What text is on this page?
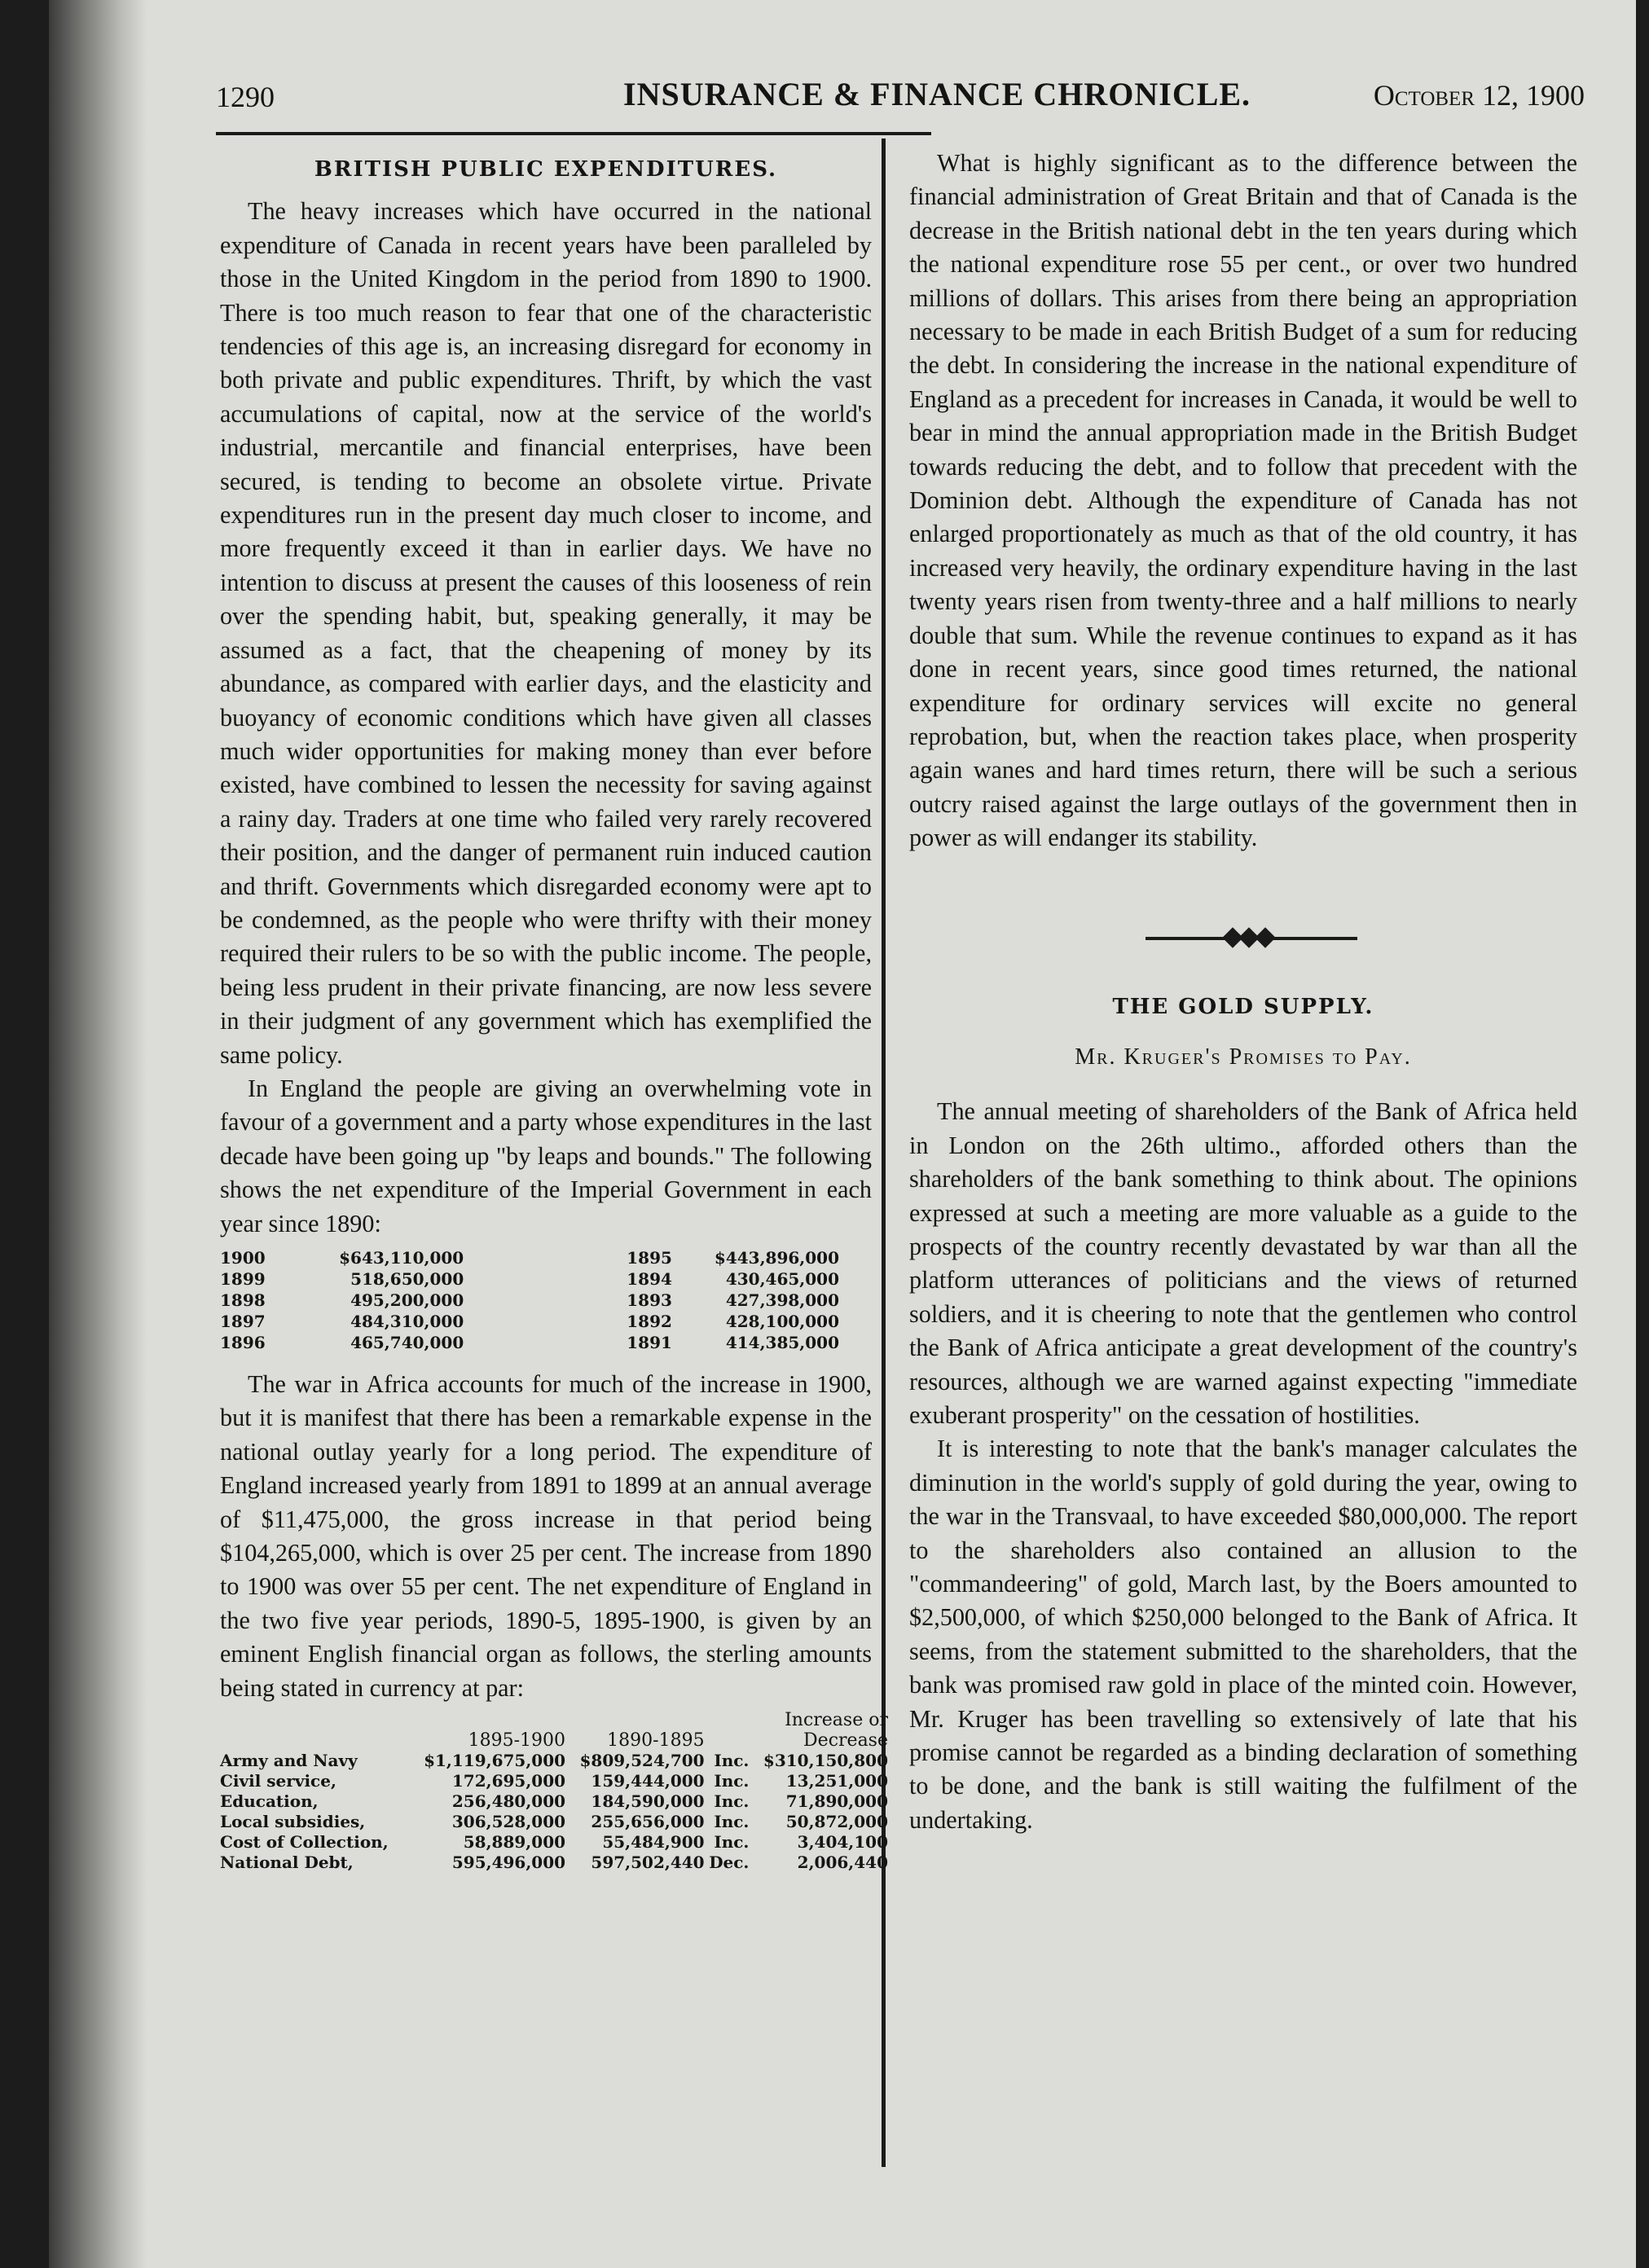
1290	INSURANCE & FINANCE CHRONICLE.	October 12, 1900
BRITISH PUBLIC EXPENDITURES.

The heavy increases which have occurred in the national expenditure of Canada in recent years have been paralleled by those in the United Kingdom in the period from 1890 to 1900. There is too much reason to fear that one of the characteristic tendencies of this age is, an increasing disregard for economy in both private and public expenditures. Thrift, by which the vast accumulations of capital, now at the service of the world's industrial, mercantile and financial enterprises, have been secured, is tending to become an obsolete virtue. Private expenditures run in the present day much closer to income, and more frequently exceed it than in earlier days. We have no intention to discuss at present the causes of this looseness of rein over the spending habit, but, speaking generally, it may be assumed as a fact, that the cheapening of money by its abundance, as compared with earlier days, and the elasticity and buoyancy of economic conditions which have given all classes much wider opportunities for making money than ever before existed, have combined to lessen the necessity for saving against a rainy day. Traders at one time who failed very rarely recovered their position, and the danger of permanent ruin induced caution and thrift. Governments which disregarded economy were apt to be condemned, as the people who were thrifty with their money required their rulers to be so with the public income. The people, being less prudent in their private financing, are now less severe in their judgment of any government which has exemplified the same policy.

In England the people are giving an overwhelming vote in favour of a government and a party whose expenditures in the last decade have been going up "by leaps and bounds." The following shows the net expenditure of the Imperial Government in each year since 1890:

1900	$643,110,000	1895	$443,896,000
1899	518,650,000	1894	430,465,000
1898	495,200,000	1893	427,398,000
1897	484,310,000	1892	428,100,000
1896	465,740,000	1891	414,385,000

The war in Africa accounts for much of the increase in 1900, but it is manifest that there has been a remarkable expense in the national outlay yearly for a long period. The expenditure of England increased yearly from 1891 to 1899 at an annual average of $11,475,000, the gross increase in that period being $104,265,000, which is over 25 per cent. The increase from 1890 to 1900 was over 55 per cent. The net expenditure of England in the two five year periods, 1890-5, 1895-1900, is given by an eminent English financial organ as follows, the sterling amounts being stated in currency at par:

			Increase or	
	1895-1900	1890-1895		Decrease
Army and Navy	$1,119,675,000	$809,524,700	Inc.	$310,150,800
Civil service,	172,695,000	159,444,000	Inc.	13,251,000
Education,	256,480,000	184,590,000	Inc.	71,890,000
Local subsidies,	306,528,000	255,656,000	Inc.	50,872,000
Cost of Collection,	58,889,000	55,484,900	Inc.	3,404,100
National Debt,	595,496,000	597,502,440	Dec.	2,006,440

What is highly significant as to the difference between the financial administration of Great Britain and that of Canada is the decrease in the British national debt in the ten years during which the national expenditure rose 55 per cent., or over two hundred millions of dollars. This arises from there being an appropriation necessary to be made in each British Budget of a sum for reducing the debt. In considering the increase in the national expenditure of England as a precedent for increases in Canada, it would be well to bear in mind the annual appropriation made in the British Budget towards reducing the debt, and to follow that precedent with the Dominion debt. Although the expenditure of Canada has not enlarged proportionately as much as that of the old country, it has increased very heavily, the ordinary expenditure having in the last twenty years risen from twenty-three and a half millions to nearly double that sum. While the revenue continues to expand as it has done in recent years, since good times returned, the national expenditure for ordinary services will excite no general reprobation, but, when the reaction takes place, when prosperity again wanes and hard times return, there will be such a serious outcry raised against the large outlays of the government then in power as will endanger its stability.

THE GOLD SUPPLY.
Mr. Kruger's Promises to Pay.

The annual meeting of shareholders of the Bank of Africa held in London on the 26th ultimo., afforded others than the shareholders of the bank something to think about. The opinions expressed at such a meeting are more valuable as a guide to the prospects of the country recently devastated by war than all the platform utterances of politicians and the views of returned soldiers, and it is cheering to note that the gentlemen who control the Bank of Africa anticipate a great development of the country's resources, although we are warned against expecting "immediate exuberant prosperity" on the cessation of hostilities.

It is interesting to note that the bank's manager calculates the diminution in the world's supply of gold during the year, owing to the war in the Transvaal, to have exceeded $80,000,000. The report to the shareholders also contained an allusion to the "commandeering" of gold, March last, by the Boers amounted to $2,500,000, of which $250,000 belonged to the Bank of Africa. It seems, from the statement submitted to the shareholders, that the bank was promised raw gold in place of the minted coin. However, Mr. Kruger has been travelling so extensively of late that his promise cannot be regarded as a binding declaration of something to be done, and the bank is still waiting the fulfilment of the undertaking.
